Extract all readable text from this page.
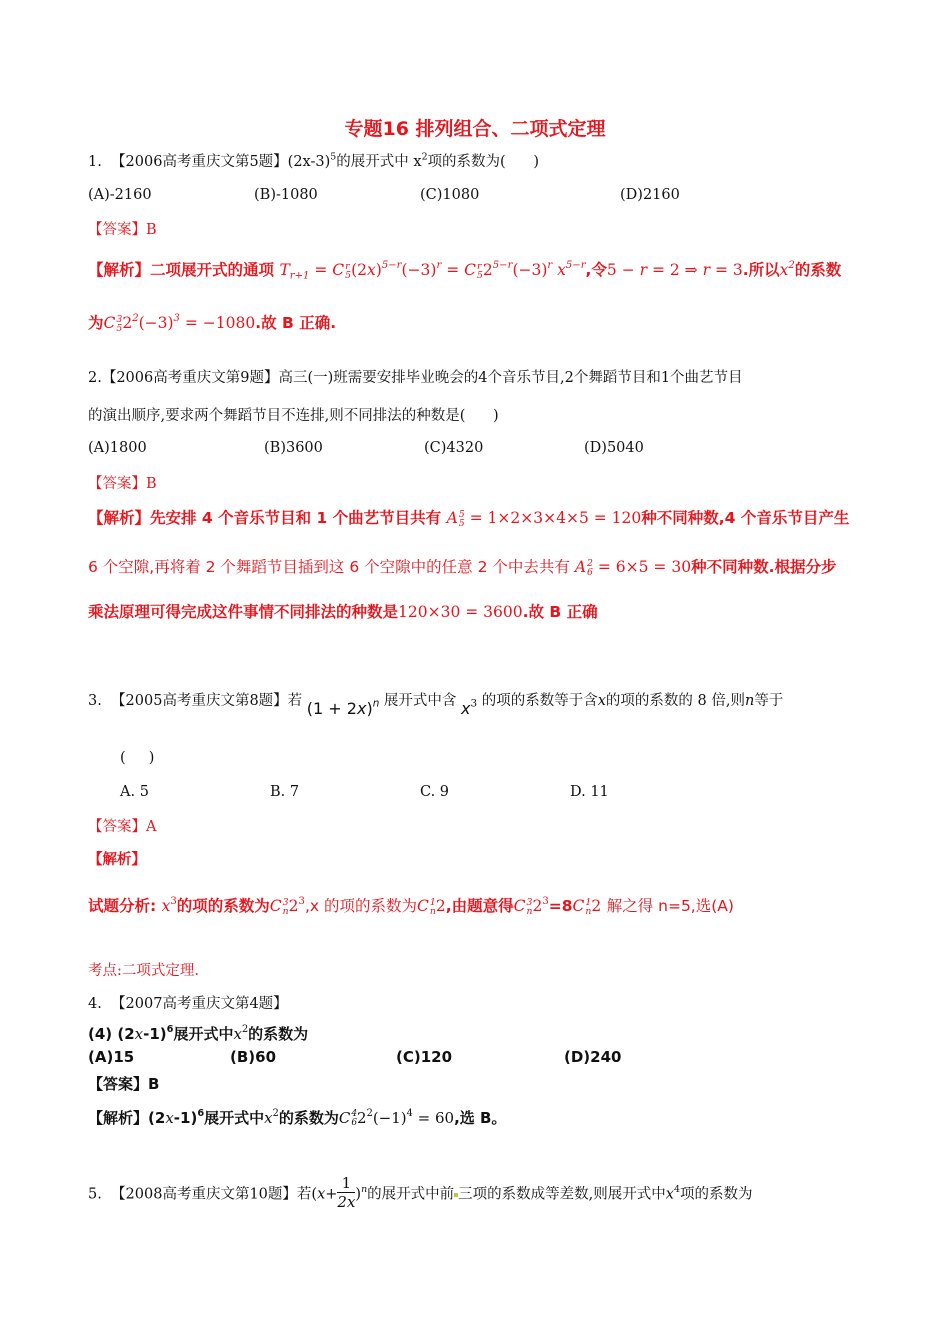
专题16 排列组合、二项式定理
1.  【2006高考重庆文第5题】$(2x-3)^5$的展开式中 $x^2$项的系数为(      )
(A)-2160	(B)-1080	(C)1080	(D)2160
【答案】B
【解析】二项展开式的通项 $T_{r+1} = C$ r
5 $(2x)^{5-r}(-3)^r = C$ r
5 $2^{5-r}(-3)^r$ $x^{5-r}$,令5 − r = 2 ⇒ r = 3.所以$x^2$的系数
为C 3
5 $2^2(-3)^3 = -1080$.故 B 正确.
2.【2006高考重庆文第9题】高三(一)班需要安排毕业晚会的4个音乐节目,2个舞蹈节目和1个曲艺节目
的演出顺序,要求两个舞蹈节目不连排,则不同排法的种数是(      )
(A)1800	(B)3600	(C)4320	(D)5040
【答案】B
【解析】先安排 4 个音乐节目和 1 个曲艺节目共有 A 5
5 = 1×2×3×4×5 = 120种不同种数,4 个音乐节目产生
6 个空隙,再将着 2 个舞蹈节目插到这 6 个空隙中的任意 2 个中去共有 A 2
6 = 6×5 = 30种不同种数.根据分步
乘法原理可得完成这件事情不同排法的种数是120×30 = 3600.故 B 正确
3.  【2005高考重庆文第8题】若 $(1 + 2x)^n$ 展开式中含 $x^3$ 的项的系数等于含x的项的系数的 8 倍,则n等于
(     )
A. 5	B. 7	C. 9	D. 11
【答案】A
【解析】
试题分析: $x^3$的项的系数为C 3
n $2^3,x$ 的项的系数为C 1
n 2,由题意得C 3
n $2^3=8C$ 1
n 2 解之得 n=5,选(A)
考点:二项式定理.
4.  【2007高考重庆文第4题】
(4) $(2x-1)^6$展开式中$x^2$的系数为
(A)15	(B)60	(C)120	(D)240
【答案】B
【解析】$(2x-1)^6$展开式中$x^2$的系数为C 4
6 $2^2(-1)^4 = 60$,选 B。
5.  【2008高考重庆文第10题】若$(x+ \frac{1}{2x} )^n$的展开式中前 三项的系数成等差数,则展开式中$x^4$项的系数为
